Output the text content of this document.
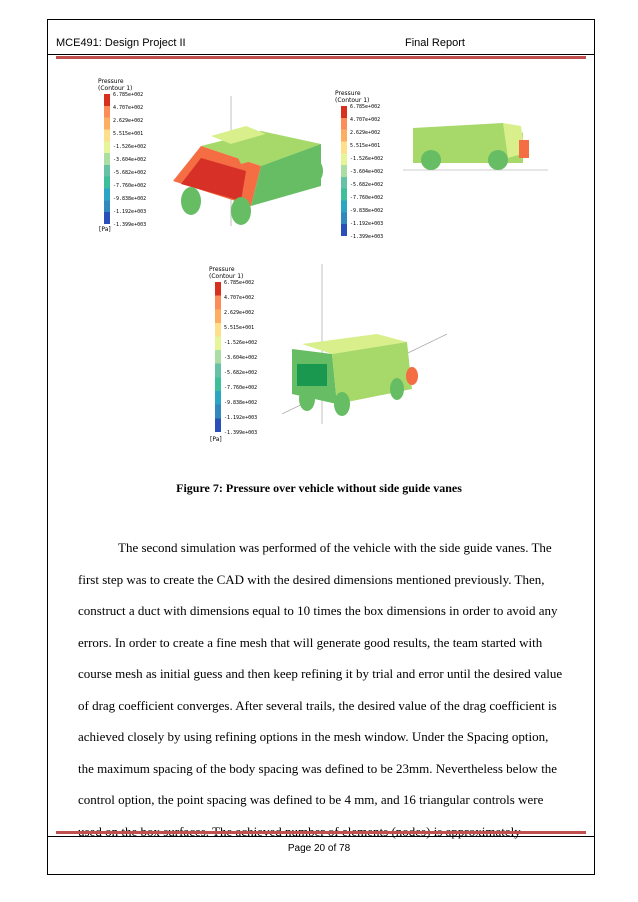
MCE491: Design Project II	Final Report
Pressure
(Contour 1)
6.785e+002
4.707e+002
2.629e+002
5.515e+001
-1.526e+002
-3.604e+002
-5.682e+002
-7.760e+002
-9.838e+002
-1.192e+003
-1.399e+003
[Pa]
Pressure
(Contour 1)
6.785e+002
4.707e+002
2.629e+002
5.515e+001
-1.526e+002
-3.604e+002
-5.682e+002
-7.760e+002
-9.838e+002
-1.192e+003
-1.399e+003
Pressure
(Contour 1)
6.785e+002
4.707e+002
2.629e+002
5.515e+001
-1.526e+002
-3.604e+002
-5.682e+002
-7.760e+002
-9.838e+002
-1.192e+003
-1.399e+003
[Pa]
Figure 7: Pressure over vehicle without side guide vanes
The second simulation was performed of the vehicle with the side guide vanes. The
first step was to create the CAD with the desired dimensions mentioned previously. Then,
construct a duct with dimensions equal to 10 times the box dimensions in order to avoid any
errors. In order to create a fine mesh that will generate good results, the team started with
course mesh as initial guess and then keep refining it by trial and error until the desired value
of drag coefficient converges. After several trails, the desired value of the drag coefficient is
achieved closely by using refining options in the mesh window. Under the Spacing option,
the maximum spacing of the body spacing was defined to be 23mm. Nevertheless below the
control option, the point spacing was defined to be 4 mm, and 16 triangular controls were
Page 20 of 78
